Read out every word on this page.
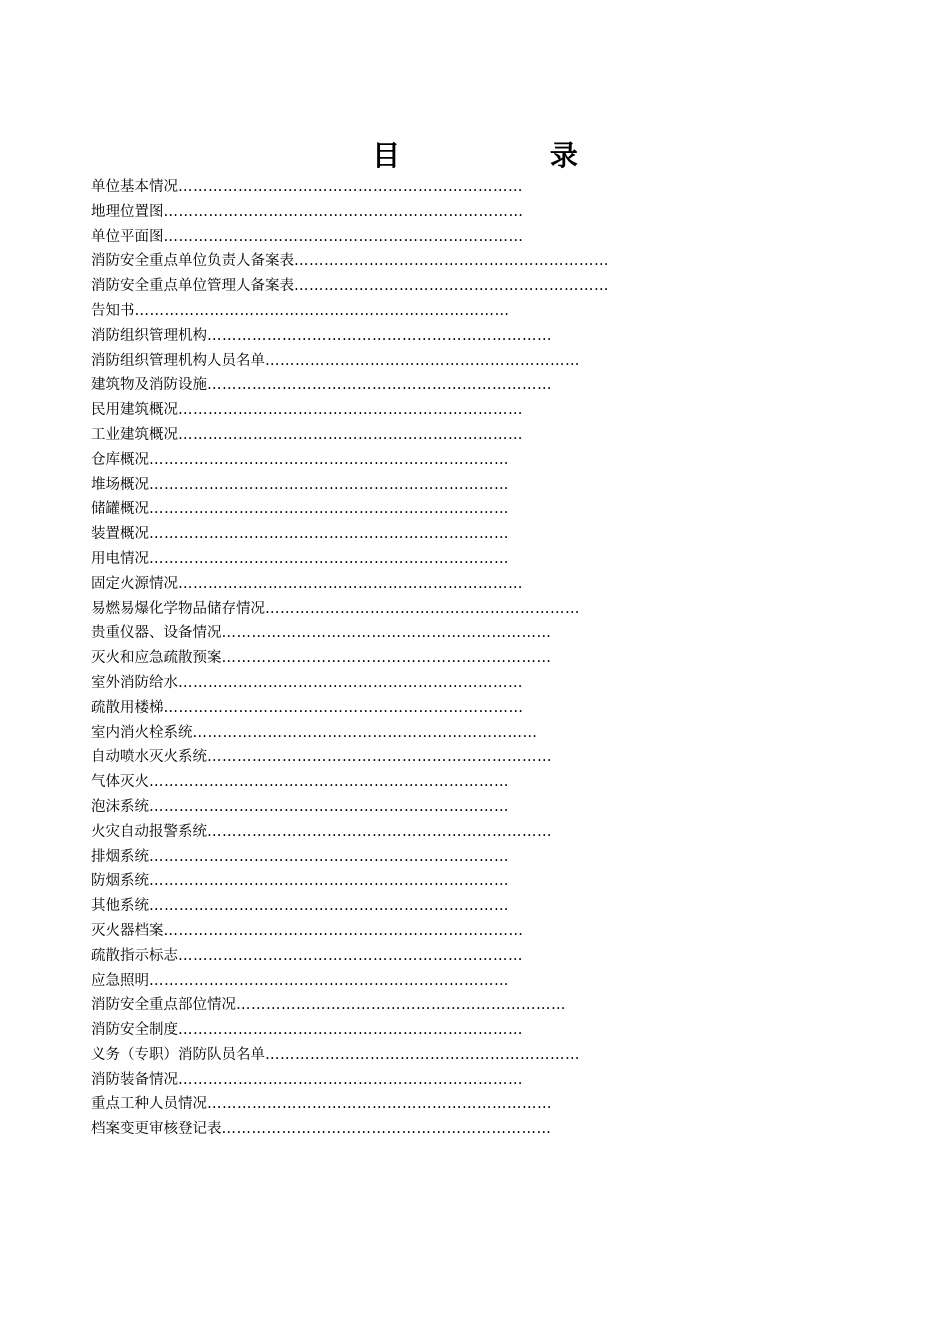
目 录
单位基本情况……………………………………………………………
地理位置图………………………………………………………………
单位平面图………………………………………………………………
消防安全重点单位负责人备案表………………………………………………………
消防安全重点单位管理人备案表………………………………………………………
告知书…………………………………………………………………
消防组织管理机构……………………………………………………………
消防组织管理机构人员名单………………………………………………………
建筑物及消防设施……………………………………………………………
民用建筑概况……………………………………………………………
工业建筑概况……………………………………………………………
仓库概况………………………………………………………………
堆场概况………………………………………………………………
储罐概况………………………………………………………………
装置概况………………………………………………………………
用电情况………………………………………………………………
固定火源情况……………………………………………………………
易燃易爆化学物品储存情况………………………………………………………
贵重仪器、设备情况…………………………………………………………
灭火和应急疏散预案…………………………………………………………
室外消防给水……………………………………………………………
疏散用楼梯………………………………………………………………
室内消火栓系统……………………………………………………………
自动喷水灭火系统……………………………………………………………
气体灭火………………………………………………………………
泡沫系统………………………………………………………………
火灾自动报警系统……………………………………………………………
排烟系统………………………………………………………………
防烟系统………………………………………………………………
其他系统………………………………………………………………
灭火器档案………………………………………………………………
疏散指示标志……………………………………………………………
应急照明………………………………………………………………
消防安全重点部位情况…………………………………………………………
消防安全制度……………………………………………………………
义务（专职）消防队员名单………………………………………………………
消防装备情况……………………………………………………………
重点工种人员情况……………………………………………………………
档案变更审核登记表…………………………………………………………
